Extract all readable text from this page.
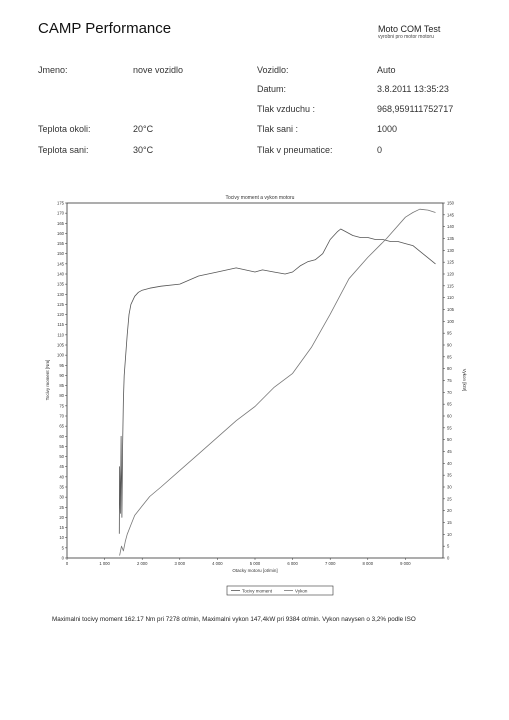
CAMP Performance	Moto COM Test
vyrobni pro motor motoru
Jmeno:	nove vozidlo	Vozidlo:	Auto
Datum:	3.8.2011 13:35:23
Tlak vzduchu :	968,959111752717
Teplota okoli:	20°C	Tlak sani :	1000
Teplota sani:	30°C	Tlak v pneumatice:	0
Tocivy moment a vykon motoru
0	1 000	2 000	3 000	4 000	5 000	6 000	7 000	8 000	9 000
0
5
10
15
20
25
30
35
40
45
50
55
60
65
70
75
80
85
90
95
100
105
110
115
120
125
130
135
140
145
150
155
160
165
170
175
0
5
10
15
20
25
30
35
40
45
50
55
60
65
70
75
80
85
90
95
100
105
110
115
120
125
130
135
140
145
150
Otacky motoru [ot/min]
Tocivy moment [Nm]	Vykon [kW]
Tocivy moment	Vykon
Maximalni tocivy moment 162.17 Nm pri 7278 ot/min, Maximalni vykon 147,4kW pri 9384 ot/min. Vykon navysen o 3,2% podle ISO
